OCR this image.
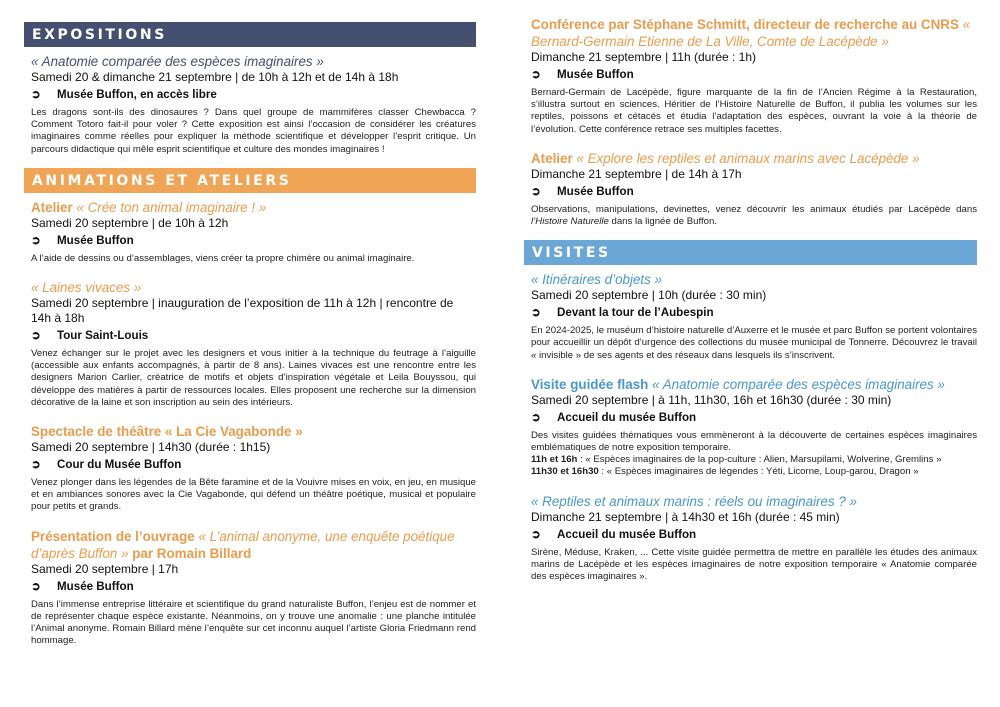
EXPOSITIONS
« Anatomie comparée des espèces imaginaires »
Samedi 20 & dimanche 21 septembre | de 10h à 12h et de 14h à 18h
➲ Musée Buffon, en accès libre
Les dragons sont-ils des dinosaures ? Dans quel groupe de mammifères classer Chewbacca ? Comment Totoro fait-il pour voler ? Cette exposition est ainsi l’occasion de considérer les créatures imaginaires comme réelles pour expliquer la méthode scientifique et développer l’esprit critique. Un parcours didactique qui mêle esprit scientifique et culture des mondes imaginaires !
ANIMATIONS ET ATELIERS
Atelier « Crée ton animal imaginaire ! »
Samedi 20 septembre | de 10h à 12h
➲ Musée Buffon
A l’aide de dessins ou d’assemblages, viens créer ta propre chimère ou animal imaginaire.
« Laines vivaces »
Samedi 20 septembre | inauguration de l’exposition de 11h à 12h | rencontre de 14h à 18h
➲ Tour Saint-Louis
Venez échanger sur le projet avec les designers et vous initier à la technique du feutrage à l’aiguille (accessible aux enfants accompagnés, à partir de 8 ans). Laines vivaces est une rencontre entre les designers Marion Carlier, créatrice de motifs et objets d’inspiration végétale et Leila Bouyssou, qui développe des matières à partir de ressources locales. Elles proposent une recherche sur la dimension décorative de la laine et son inscription au sein des intérieurs.
Spectacle de théâtre « La Cie Vagabonde »
Samedi 20 septembre | 14h30 (durée : 1h15)
➲ Cour du Musée Buffon
Venez plonger dans les légendes de la Bête faramine et de la Vouivre mises en voix, en jeu, en musique et en ambiances sonores avec la Cie Vagabonde, qui défend un théâtre poétique, musical et populaire pour petits et grands.
Présentation de l’ouvrage « L’animal anonyme, une enquête poétique d’après Buffon » par Romain Billard
Samedi 20 septembre | 17h
➲ Musée Buffon
Dans l’immense entreprise littéraire et scientifique du grand naturaliste Buffon, l’enjeu est de nommer et de représenter chaque espèce existante. Néanmoins, on y trouve une anomalie : une planche intitulée l’Animal anonyme. Romain Billard mène l’enquête sur cet inconnu auquel l’artiste Gloria Friedmann rend hommage.
Conférence par Stéphane Schmitt, directeur de recherche au CNRS « Bernard-Germain Etienne de La Ville, Comte de Lacépède »
Dimanche 21 septembre | 11h (durée : 1h)
➲ Musée Buffon
Bernard-Germain de Lacépède, figure marquante de la fin de l’Ancien Régime à la Restauration, s’illustra surtout en sciences. Héritier de l’Histoire Naturelle de Buffon, il publia les volumes sur les reptiles, poissons et cétacés et étudia l’adaptation des espèces, ouvrant la voie à la théorie de l’évolution. Cette conférence retrace ses multiples facettes.
Atelier « Explore les reptiles et animaux marins avec Lacépède »
Dimanche 21 septembre | de 14h à 17h
➲ Musée Buffon
Observations, manipulations, devinettes, venez découvrir les animaux étudiés par Lacépède dans l’Histoire Naturelle dans la lignée de Buffon.
VISITES
« Itinéraires d’objets »
Samedi 20 septembre | 10h (durée : 30 min)
➲ Devant la tour de l’Aubespin
En 2024-2025, le muséum d’histoire naturelle d’Auxerre et le musée et parc Buffon se portent volontaires pour accueillir un dépôt d’urgence des collections du musée municipal de Tonnerre. Découvrez le travail « invisible » de ses agents et des réseaux dans lesquels ils s’inscrivent.
Visite guidée flash « Anatomie comparée des espèces imaginaires »
Samedi 20 septembre | à 11h, 11h30, 16h et 16h30 (durée : 30 min)
➲ Accueil du musée Buffon
Des visites guidées thématiques vous emmèneront à la découverte de certaines espèces imaginaires emblématiques de notre exposition temporaire.
11h et 16h : « Espèces imaginaires de la pop-culture : Alien, Marsupilami, Wolverine, Gremlins »
11h30 et 16h30 : « Espèces imaginaires de légendes : Yéti, Licorne, Loup-garou, Dragon »
« Reptiles et animaux marins : réels ou imaginaires ? »
Dimanche 21 septembre | à 14h30 et 16h (durée : 45 min)
➲ Accueil du musée Buffon
Sirène, Méduse, Kraken, ... Cette visite guidée permettra de mettre en parallèle les études des animaux marins de Lacépède et les espèces imaginaires de notre exposition temporaire « Anatomie comparée des espèces imaginaires ».
